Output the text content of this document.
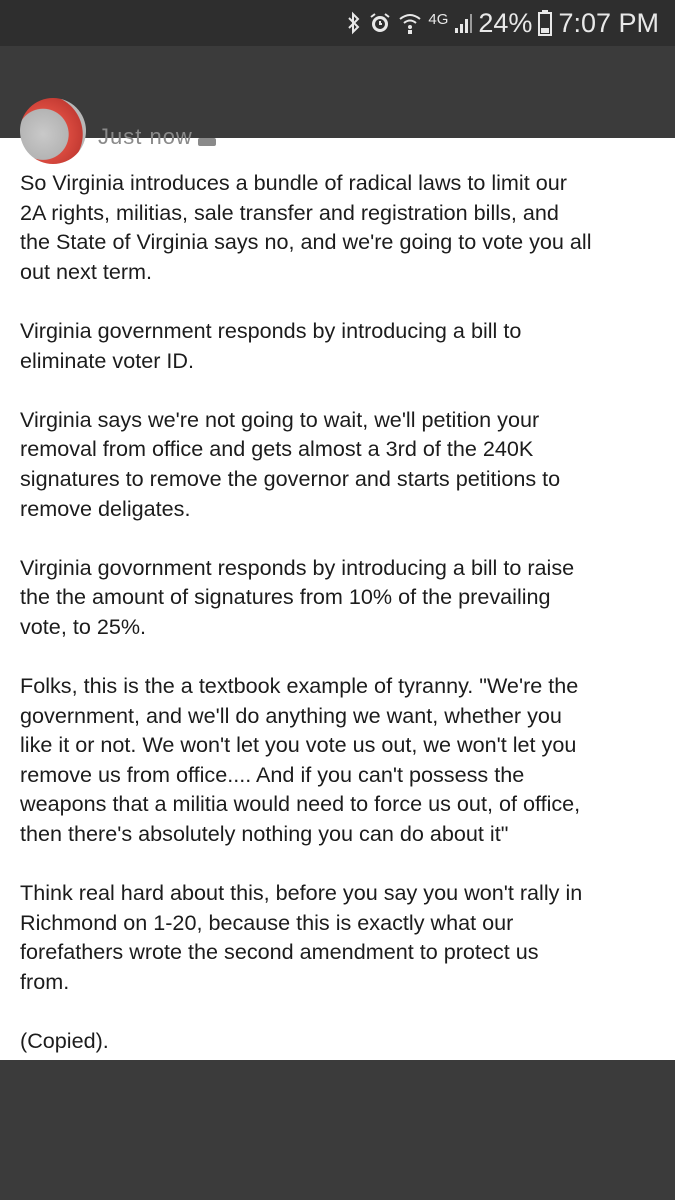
4G 24% 7:07 PM
Just now

So Virginia introduces a bundle of radical laws to limit our
2A rights, militias, sale transfer and registration bills, and
the State of Virginia says no, and we're going to vote you all
out next term.

Virginia government responds by introducing a bill to
eliminate voter ID.

Virginia says we're not going to wait, we'll petition your
removal from office and gets almost a 3rd of the 240K
signatures to remove the governor and starts petitions to
remove deligates.

Virginia govornment responds by introducing a bill to raise
the the amount of signatures from 10% of the prevailing
vote, to 25%.

Folks, this is the a textbook example of tyranny. "We're the
government, and we'll do anything we want, whether you
like it or not. We won't let you vote us out, we won't let you
remove us from office.... And if you can't possess the
weapons that a militia would need to force us out, of office,
then there's absolutely nothing you can do about it"

Think real hard about this, before you say you won't rally in
Richmond on 1-20, because this is exactly what our
forefathers wrote the second amendment to protect us
from.

(Copied).
